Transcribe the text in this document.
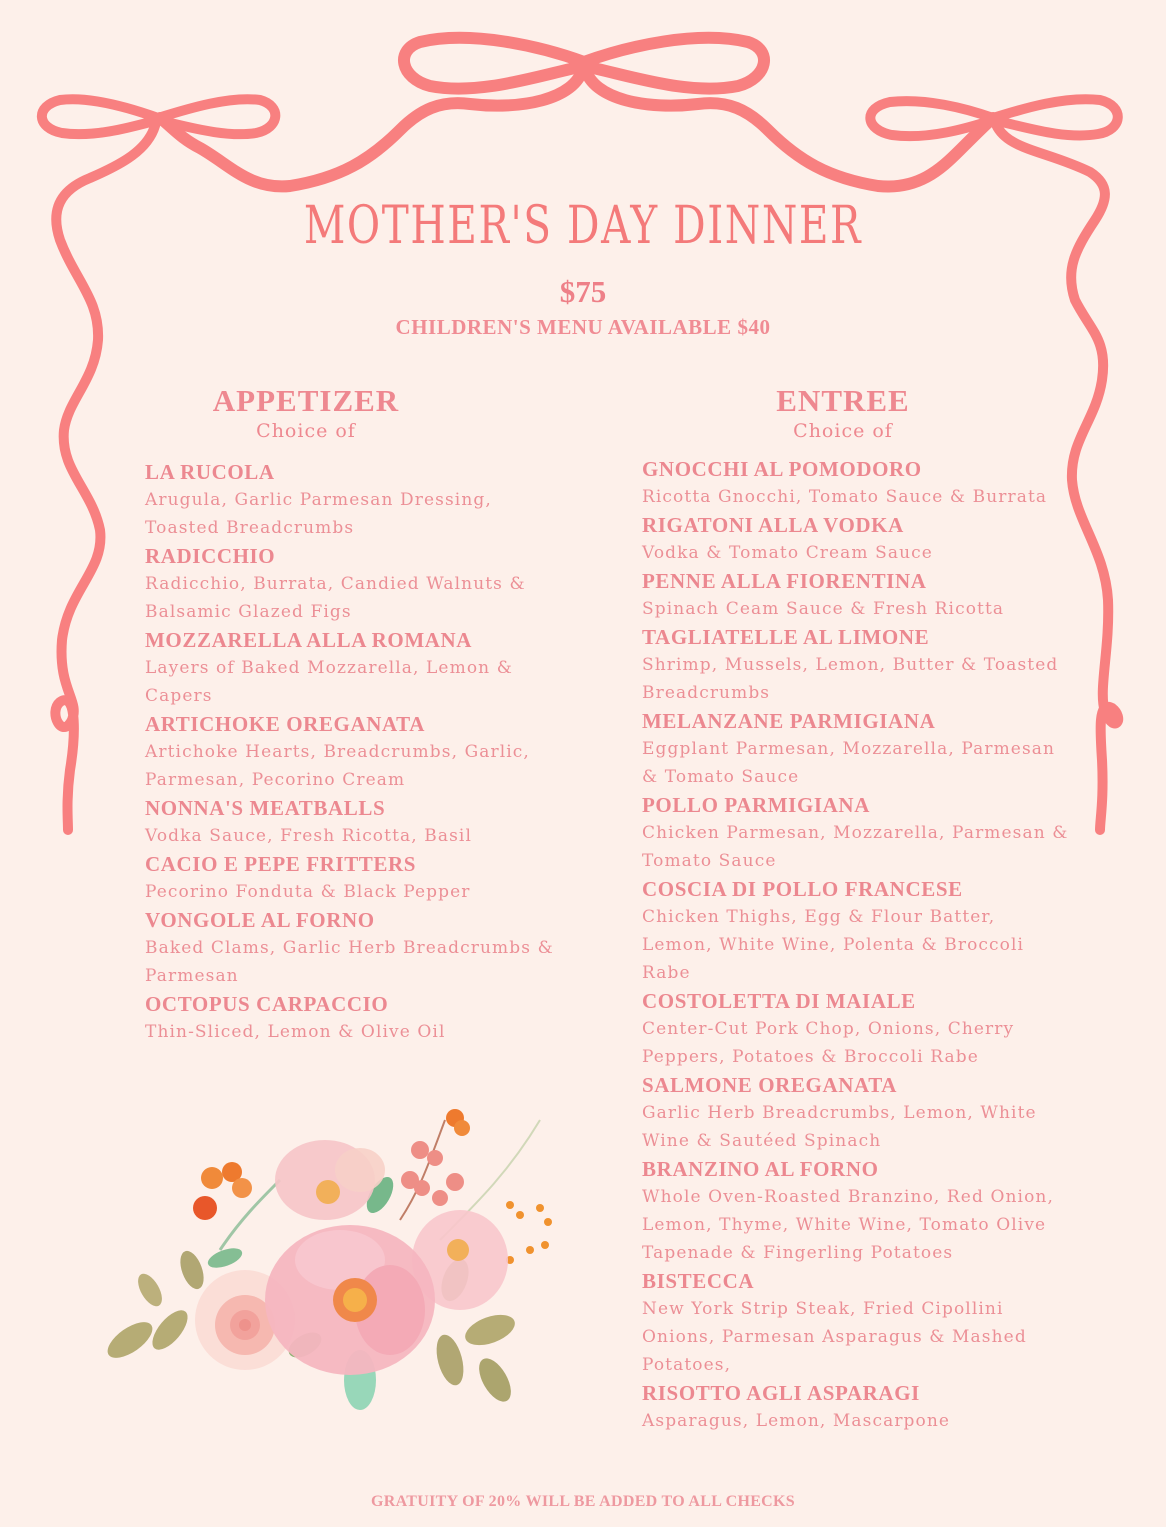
MOTHER'S DAY DINNER
$75
CHILDREN'S MENU AVAILABLE $40
APPETIZER
Choice of
LA RUCOLA
Arugula, Garlic Parmesan Dressing, Toasted Breadcrumbs
RADICCHIO
Radicchio, Burrata, Candied Walnuts & Balsamic Glazed Figs
MOZZARELLA ALLA ROMANA
Layers of Baked Mozzarella, Lemon & Capers
ARTICHOKE OREGANATA
Artichoke Hearts, Breadcrumbs, Garlic, Parmesan, Pecorino Cream
NONNA'S MEATBALLS
Vodka Sauce, Fresh Ricotta, Basil
CACIO E PEPE FRITTERS
Pecorino Fonduta & Black Pepper
VONGOLE AL FORNO
Baked Clams, Garlic Herb Breadcrumbs & Parmesan
OCTOPUS CARPACCIO
Thin-Sliced, Lemon & Olive Oil
ENTREE
Choice of
GNOCCHI AL POMODORO
Ricotta Gnocchi, Tomato Sauce & Burrata
RIGATONI ALLA VODKA
Vodka & Tomato Cream Sauce
PENNE ALLA FIORENTINA
Spinach Ceam Sauce & Fresh Ricotta
TAGLIATELLE AL LIMONE
Shrimp, Mussels, Lemon, Butter & Toasted Breadcrumbs
MELANZANE PARMIGIANA
Eggplant Parmesan, Mozzarella, Parmesan & Tomato Sauce
POLLO PARMIGIANA
Chicken Parmesan, Mozzarella, Parmesan & Tomato Sauce
COSCIA DI POLLO FRANCESE
Chicken Thighs, Egg & Flour Batter, Lemon, White Wine, Polenta & Broccoli Rabe
COSTOLETTA DI MAIALE
Center-Cut Pork Chop, Onions, Cherry Peppers, Potatoes & Broccoli Rabe
SALMONE OREGANATA
Garlic Herb Breadcrumbs, Lemon, White Wine & Sautéed Spinach
BRANZINO AL FORNO
Whole Oven-Roasted Branzino, Red Onion, Lemon, Thyme, White Wine, Tomato Olive Tapenade & Fingerling Potatoes
BISTECCA
New York Strip Steak, Fried Cipollini Onions, Parmesan Asparagus & Mashed Potatoes,
RISOTTO AGLI ASPARAGI
Asparagus, Lemon, Mascarpone
GRATUITY OF 20% WILL BE ADDED TO ALL CHECKS
